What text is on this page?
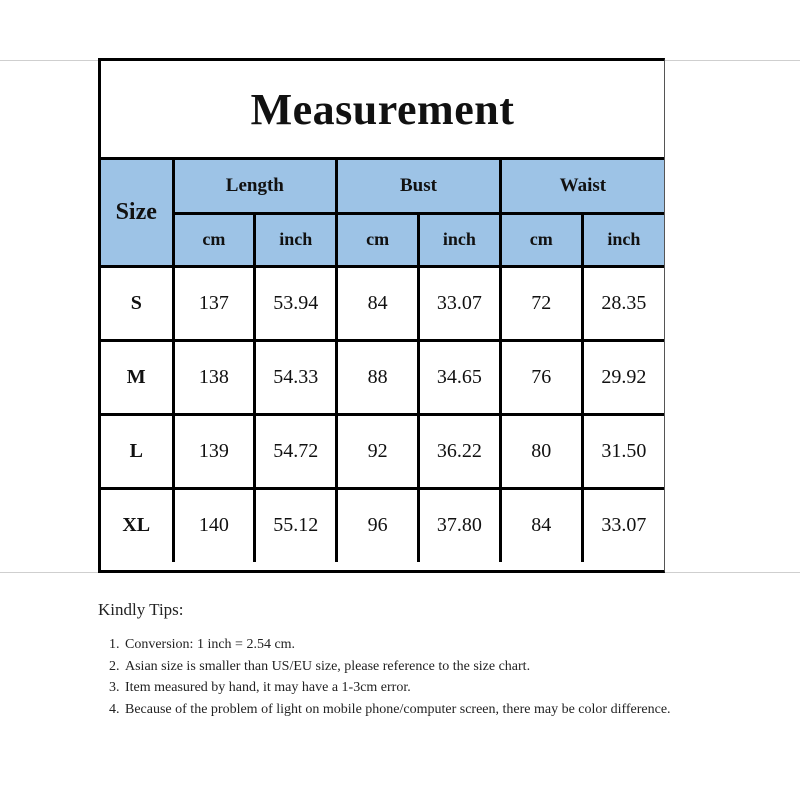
Measurement
Size	Length		Bust		Waist	
	cm	inch	cm	inch	cm	inch
S	137	53.94	84	33.07	72	28.35
M	138	54.33	88	34.65	76	29.92
L	139	54.72	92	36.22	80	31.50
XL	140	55.12	96	37.80	84	33.07
Kindly Tips:
1. Conversion: 1 inch = 2.54 cm.
2. Asian size is smaller than US/EU size, please reference to the size chart.
3. Item measured by hand, it may have a 1-3cm error.
4. Because of the problem of light on mobile phone/computer screen, there may be color difference.
